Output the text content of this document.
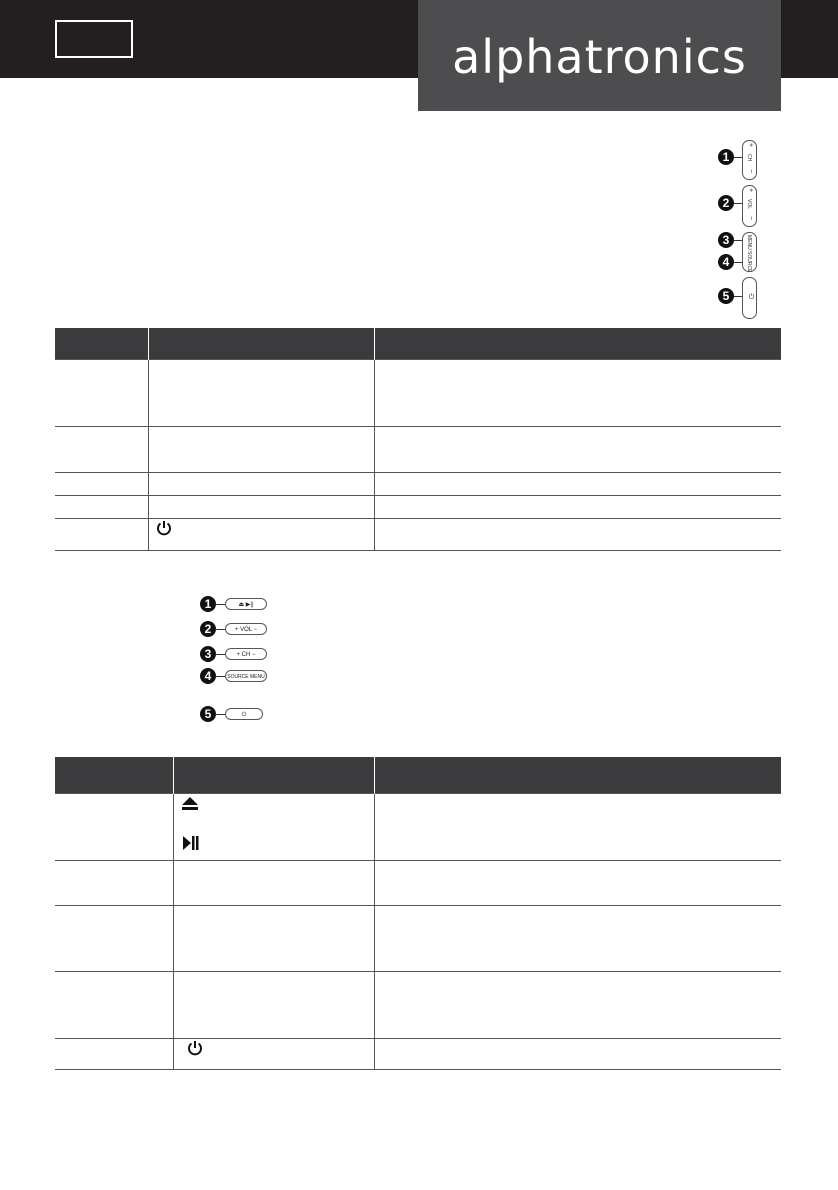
alphatronics
+
CH
−
+
VOL
−
MENU
SOURCE
⏻
1
2
3
4
5

1	⏏ ▶||
2	+ VOL −
3	+ CH −
4	SOURCE MENU
5	⏻
